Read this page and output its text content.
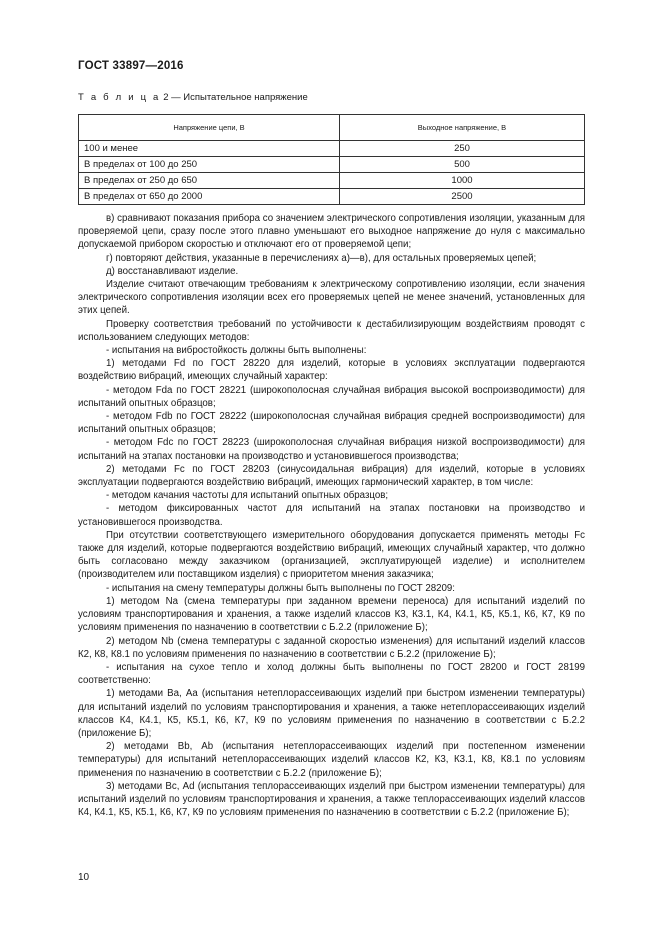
ГОСТ 33897—2016
Т а б л и ц а 2 — Испытательное напряжение
Напряжение цепи, В	Выходное напряжение, В
100 и менее	250
В пределах от 100 до 250	500
В пределах от 250 до 650	1000
В пределах от 650 до 2000	2500

в) сравнивают показания прибора со значением электрического сопротивления изоляции, указанным для проверяемой цепи, сразу после этого плавно уменьшают его выходное напряжение до нуля с максимально допускаемой прибором скоростью и отключают его от проверяемой цепи;

г) повторяют действия, указанные в перечислениях а)—в), для остальных проверяемых цепей;

д) восстанавливают изделие.

Изделие считают отвечающим требованиям к электрическому сопротивлению изоляции, если значения электрического сопротивления изоляции всех его проверяемых цепей не менее значений, установленных для этих цепей.

Проверку соответствия требований по устойчивости к дестабилизирующим воздействиям проводят с использованием следующих методов:

- испытания на вибростойкость должны быть выполнены:

1) методами Fd по ГОСТ 28220 для изделий, которые в условиях эксплуатации подвергаются воздействию вибраций, имеющих случайный характер:

- методом Fda по ГОСТ 28221 (широкополосная случайная вибрация высокой воспроизводимости) для испытаний опытных образцов;

- методом Fdb по ГОСТ 28222 (широкополосная случайная вибрация средней воспроизводимости) для испытаний опытных образцов;

- методом Fdc по ГОСТ 28223 (широкополосная случайная вибрация низкой воспроизводимости) для испытаний на этапах постановки на производство и установившегося производства;

2) методами Fc по ГОСТ 28203 (синусоидальная вибрация) для изделий, которые в условиях эксплуатации подвергаются воздействию вибраций, имеющих гармонический характер, в том числе:

- методом качания частоты для испытаний опытных образцов;

- методом фиксированных частот для испытаний на этапах постановки на производство и установившегося производства.

При отсутствии соответствующего измерительного оборудования допускается применять методы Fc также для изделий, которые подвергаются воздействию вибраций, имеющих случайный характер, что должно быть согласовано между заказчиком (организацией, эксплуатирующей изделие) и исполнителем (производителем или поставщиком изделия) с приоритетом мнения заказчика;

- испытания на смену температуры должны быть выполнены по ГОСТ 28209:

1) методом Na (смена температуры при заданном времени переноса) для испытаний изделий по условиям транспортирования и хранения, а также изделий классов К3, К3.1, К4, К4.1, К5, К5.1, К6, К7, К9 по условиям применения по назначению в соответствии с Б.2.2 (приложение Б);

2) методом Nb (смена температуры с заданной скоростью изменения) для испытаний изделий классов К2, К8, К8.1 по условиям применения по назначению в соответствии с Б.2.2 (приложение Б);

- испытания на сухое тепло и холод должны быть выполнены по ГОСТ 28200 и ГОСТ 28199 соответственно:

1) методами Ва, Аа (испытания нетеплорассеивающих изделий при быстром изменении температуры) для испытаний изделий по условиям транспортирования и хранения, а также нетеплорассеивающих изделий классов К4, К4.1, К5, К5.1, К6, К7, К9 по условиям применения по назначению в соответствии с Б.2.2 (приложение Б);

2) методами Bb, Ab (испытания нетеплорассеивающих изделий при постепенном изменении температуры) для испытаний нетеплорассеивающих изделий классов К2, К3, К3.1, К8, К8.1 по условиям применения по назначению в соответствии с Б.2.2 (приложение Б);

3) методами Вс, Ad (испытания теплорассеивающих изделий при быстром изменении температуры) для испытаний изделий по условиям транспортирования и хранения, а также теплорассеивающих изделий классов К4, К4.1, К5, К5.1, К6, К7, К9 по условиям применения по назначению в соответствии с Б.2.2 (приложение Б);

10
